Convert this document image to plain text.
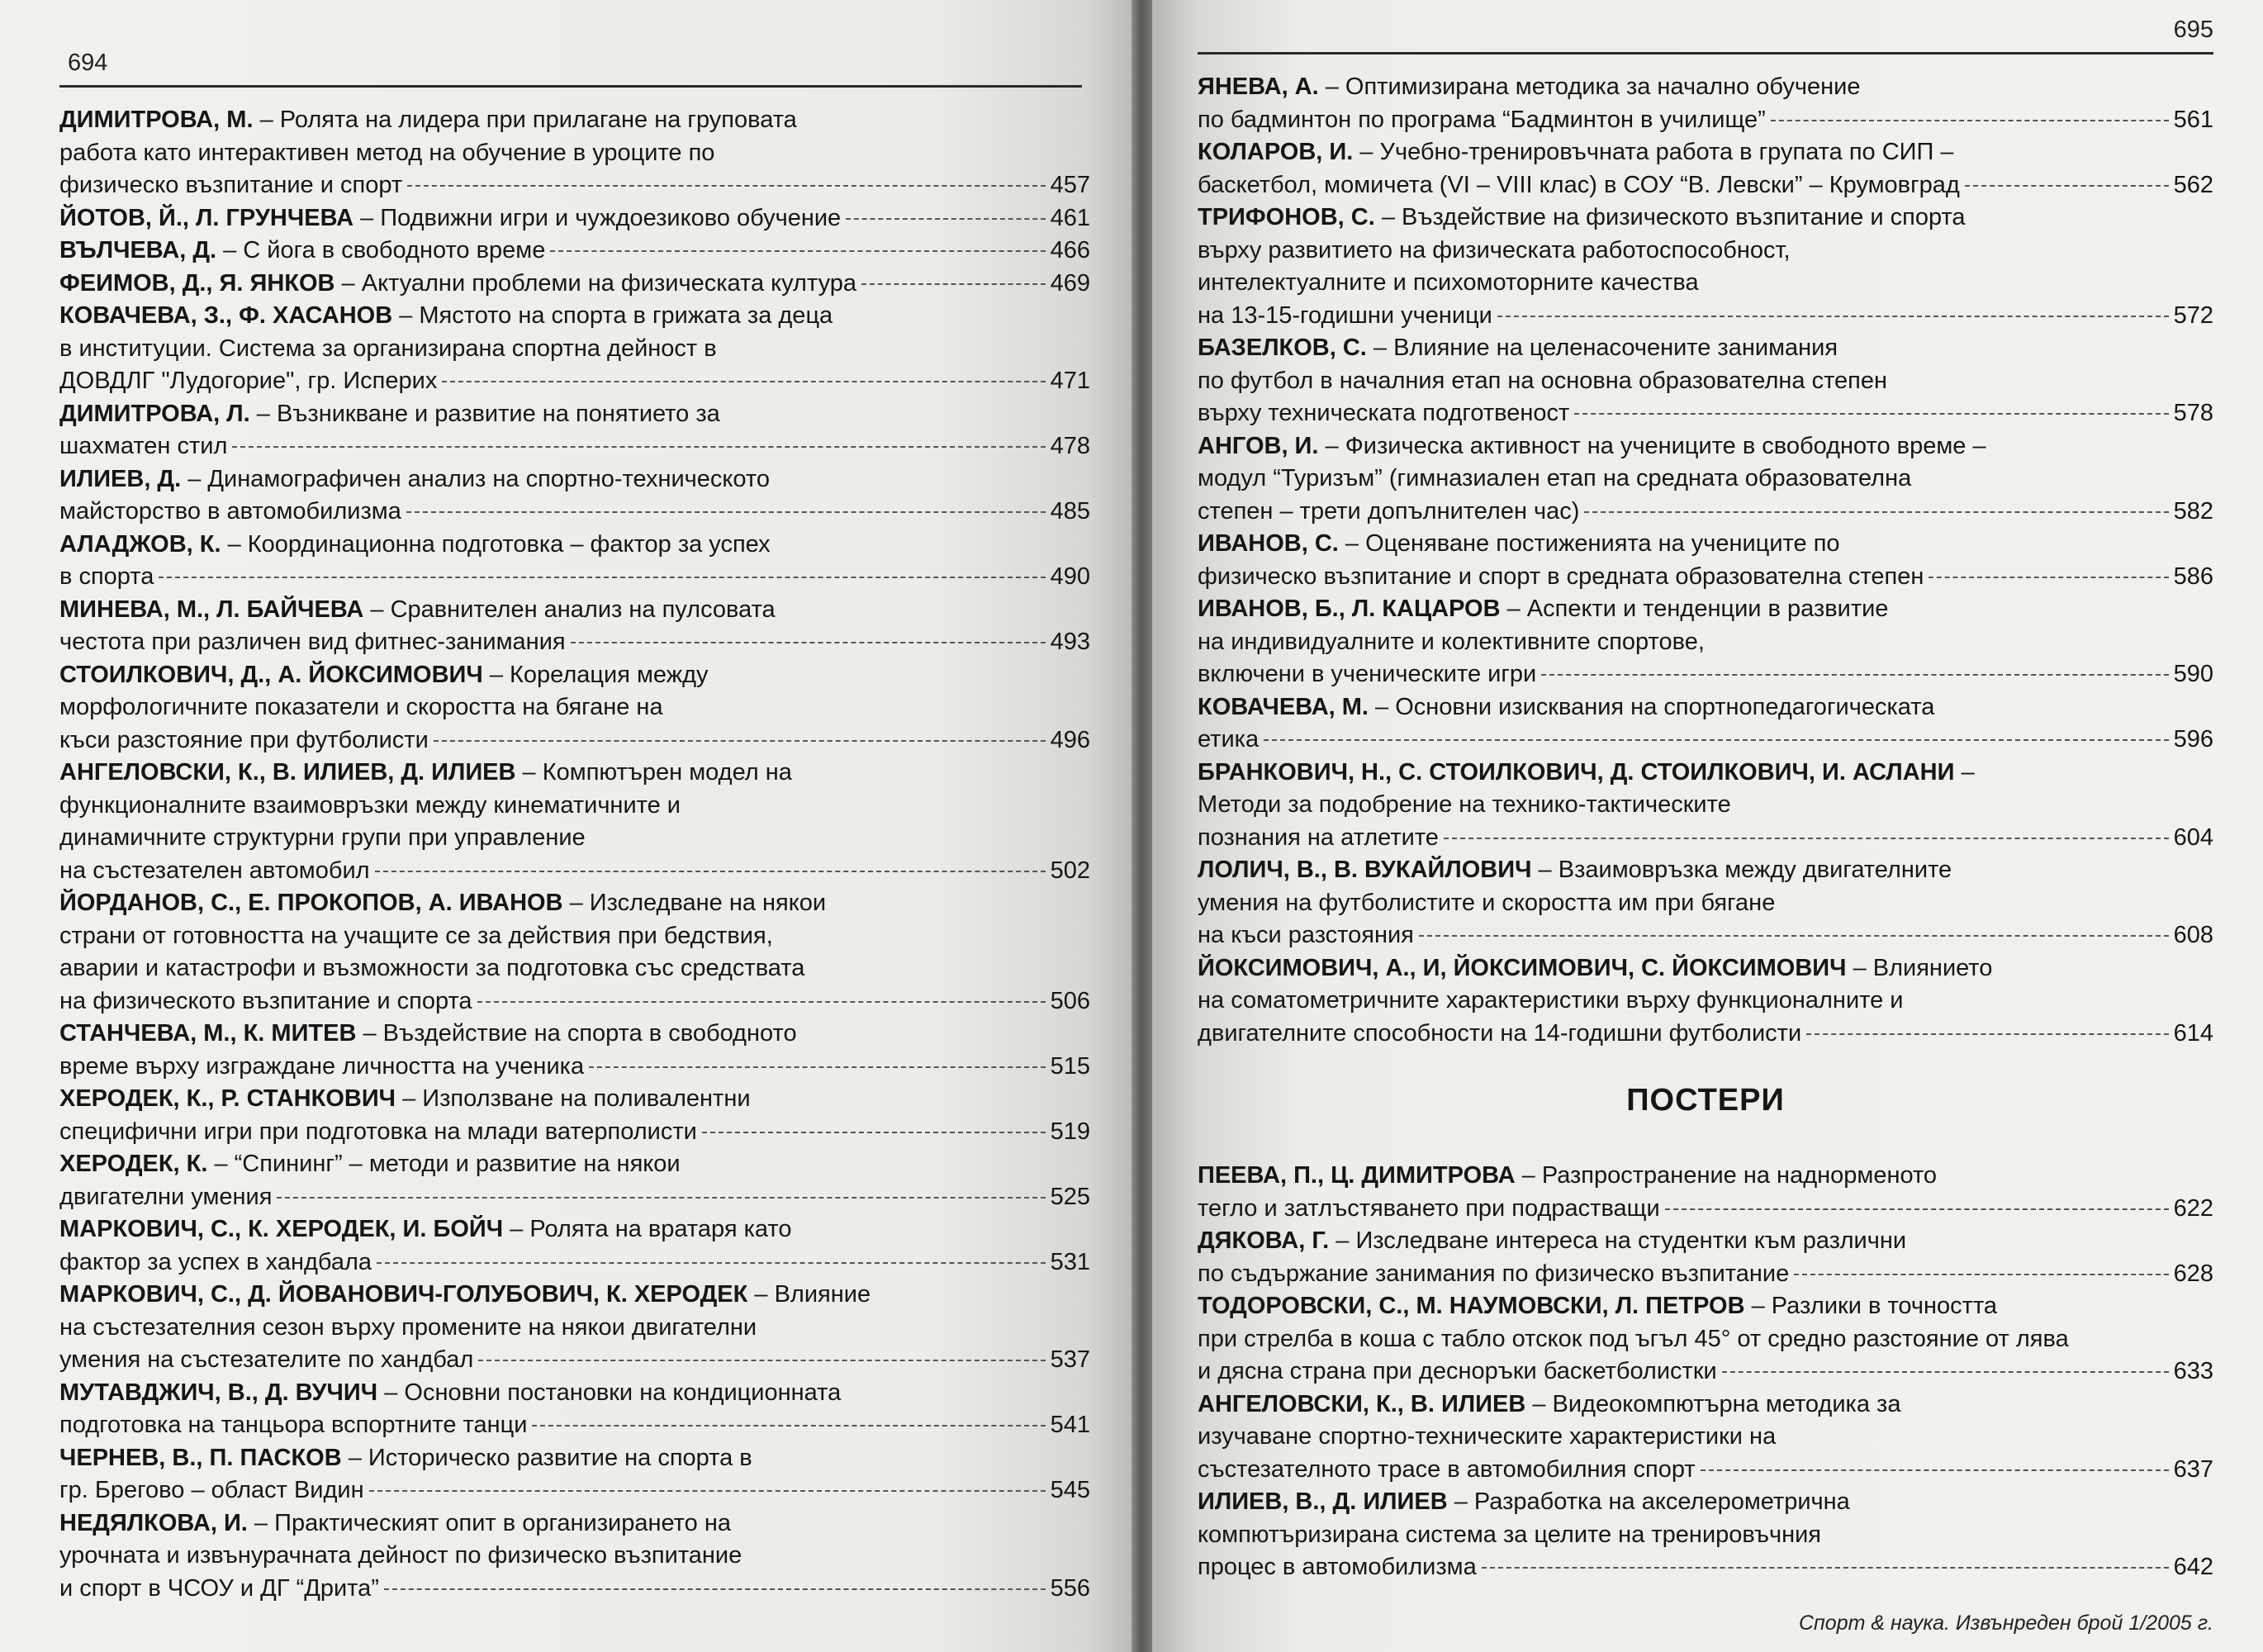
694
ДИМИТРОВА, М. – Ролята на лидера при прилагане на груповата
работа като интерактивен метод на обучение в уроците по
физическо възпитание и спорт	457
ЙОТОВ, Й., Л. ГРУНЧЕВА – Подвижни игри и чуждоезиково обучение	461
ВЪЛЧЕВА, Д. – С йога в свободното време	466
ФЕИМОВ, Д., Я. ЯНКОВ – Актуални проблеми на физическата култура	469
КОВАЧЕВА, З., Ф. ХАСАНОВ – Мястото на спорта в грижата за деца
в институции. Система за организирана спортна дейност в
ДОВДЛГ "Лудогорие", гр. Исперих	471
ДИМИТРОВА, Л. – Възникване и развитие на понятието за
шахматен стил	478
ИЛИЕВ, Д. – Динамографичен анализ на спортно-техническото
майсторство в автомобилизма	485
АЛАДЖОВ, К. – Координационна подготовка – фактор за успех
в спорта	490
МИНЕВА, М., Л. БАЙЧЕВА – Сравнителен анализ на пулсовата
честота при различен вид фитнес-занимания	493
СТОИЛКОВИЧ, Д., А. ЙОКСИМОВИЧ – Корелация между
морфологичните показатели и скоростта на бягане на
къси разстояние при футболисти	496
АНГЕЛОВСКИ, К., В. ИЛИЕВ, Д. ИЛИЕВ – Компютърен модел на
функционалните взаимовръзки между кинематичните и
динамичните структурни групи при управление
на състезателен автомобил	502
ЙОРДАНОВ, С., Е. ПРОКОПОВ, А. ИВАНОВ – Изследване на някои
страни от готовността на учащите се за действия при бедствия,
аварии и катастрофи и възможности за подготовка със средствата
на физическото възпитание и спорта	506
СТАНЧЕВА, М., К. МИТЕВ – Въздействие на спорта в свободното
време върху изграждане личността на ученика	515
ХЕРОДЕК, К., Р. СТАНКОВИЧ – Използване на поливалентни
специфични игри при подготовка на млади ватерполисти	519
ХЕРОДЕК, К. – “Спининг” – методи и развитие на някои
двигателни умения	525
МАРКОВИЧ, С., К. ХЕРОДЕК, И. БОЙЧ – Ролята на вратаря като
фактор за успех в хандбала	531
МАРКОВИЧ, С., Д. ЙОВАНОВИЧ-ГОЛУБОВИЧ, К. ХЕРОДЕК – Влияние
на състезателния сезон върху промените на някои двигателни
умения на състезателите по хандбал	537
МУТАВДЖИЧ, В., Д. ВУЧИЧ – Основни постановки на кондиционната
подготовка на танцьора вспортните танци	541
ЧЕРНЕВ, В., П. ПАСКОВ – Историческо развитие на спорта в
гр. Брегово – област Видин	545
НЕДЯЛКОВА, И. – Практическият опит в организирането на
урочната и извънурачната дейност по физическо възпитание
и спорт в ЧСОУ и ДГ “Дрита”	556
695
ЯНЕВА, А. – Оптимизирана методика за начално обучение
по бадминтон по програма “Бадминтон в училище”	561
КОЛАРОВ, И. – Учебно-тренировъчната работа в групата по СИП –
баскетбол, момичета (VI – VIII клас) в СОУ “В. Левски” – Крумовград	562
ТРИФОНОВ, С. – Въздействие на физическото възпитание и спорта
върху развитието на физическата работоспособност,
интелектуалните и психомоторните качества
на 13-15-годишни ученици	572
БАЗЕЛКОВ, С. – Влияние на целенасочените занимания
по футбол в началния етап на основна образователна степен
върху техническата подготвеност	578
АНГОВ, И. – Физическа активност на учениците в свободното време –
модул “Туризъм” (гимназиален етап на средната образователна
степен – трети допълнителен час)	582
ИВАНОВ, С. – Оценяване постиженията на учениците по
физическо възпитание и спорт в средната образователна степен	586
ИВАНОВ, Б., Л. КАЦАРОВ – Аспекти и тенденции в развитие
на индивидуалните и колективните спортове,
включени в ученическите игри	590
КОВАЧЕВА, М. – Основни изисквания на спортнопедагогическата
етика	596
БРАНКОВИЧ, Н., С. СТОИЛКОВИЧ, Д. СТОИЛКОВИЧ, И. АСЛАНИ –
Методи за подобрение на технико-тактическите
познания на атлетите	604
ЛОЛИЧ, В., В. ВУКАЙЛОВИЧ – Взаимовръзка между двигателните
умения на футболистите и скоростта им при бягане
на къси разстояния	608
ЙОКСИМОВИЧ, А., И, ЙОКСИМОВИЧ, С. ЙОКСИМОВИЧ – Влиянието
на соматометричните характеристики върху функционалните и
двигателните способности на 14-годишни футболисти	614
ПОСТЕРИ
ПЕЕВА, П., Ц. ДИМИТРОВА – Разпространение на наднорменото
тегло и затлъстяването при подрастващи	622
ДЯКОВА, Г. – Изследване интереса на студентки към различни
по съдържание занимания по физическо възпитание	628
ТОДОРОВСКИ, С., М. НАУМОВСКИ, Л. ПЕТРОВ – Разлики в точността
при стрелба в коша с табло отскок под ъгъл 45° от средно разстояние от лява
и дясна страна при десноръки баскетболистки	633
АНГЕЛОВСКИ, К., В. ИЛИЕВ – Видеокомпютърна методика за
изучаване спортно-техническите характеристики на
състезателното трасе в автомобилния спорт	637
ИЛИЕВ, В., Д. ИЛИЕВ – Разработка на акселерометрична
компютъризирана система за целите на тренировъчния
процес в автомобилизма	642
Спорт & наука. Извънреден брой 1/2005 г.
